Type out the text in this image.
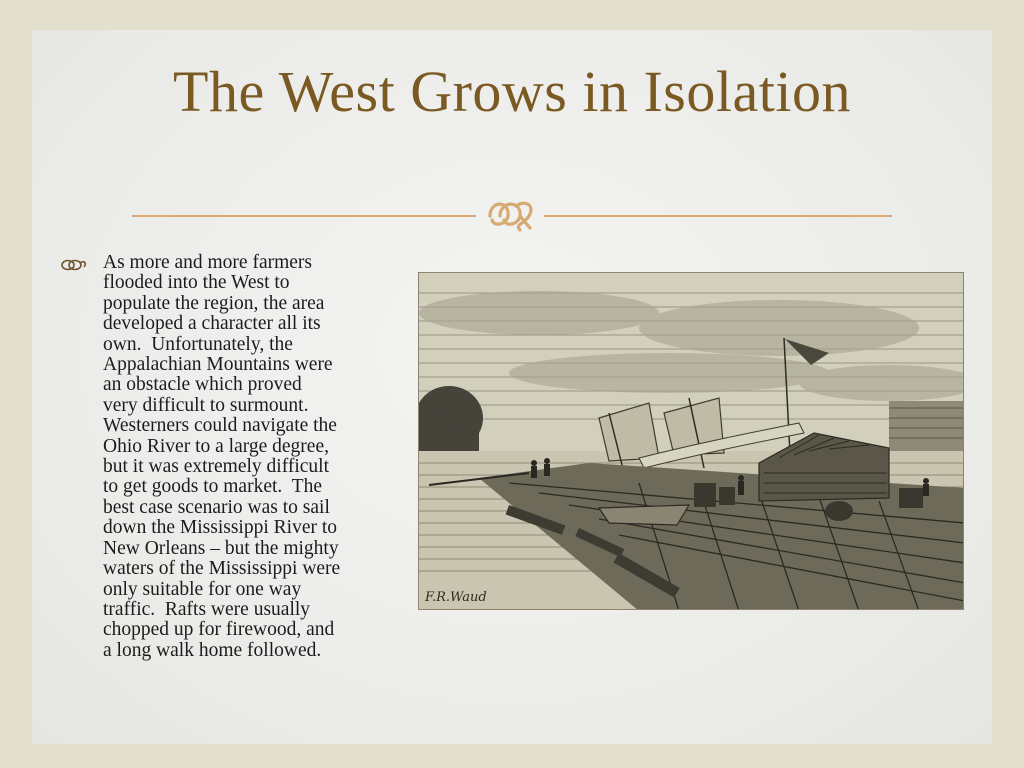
The West Grows in Isolation
As more and more farmers
flooded into the West to
populate the region, the area
developed a character all its
own.  Unfortunately, the
Appalachian Mountains were
an obstacle which proved
very difficult to surmount.
Westerners could navigate the
Ohio River to a large degree,
but it was extremely difficult
to get goods to market.  The
best case scenario was to sail
down the Mississippi River to
New Orleans – but the mighty
waters of the Mississippi were
only suitable for one way
traffic.  Rafts were usually
chopped up for firewood, and
a long walk home followed.
F.R.Waud
